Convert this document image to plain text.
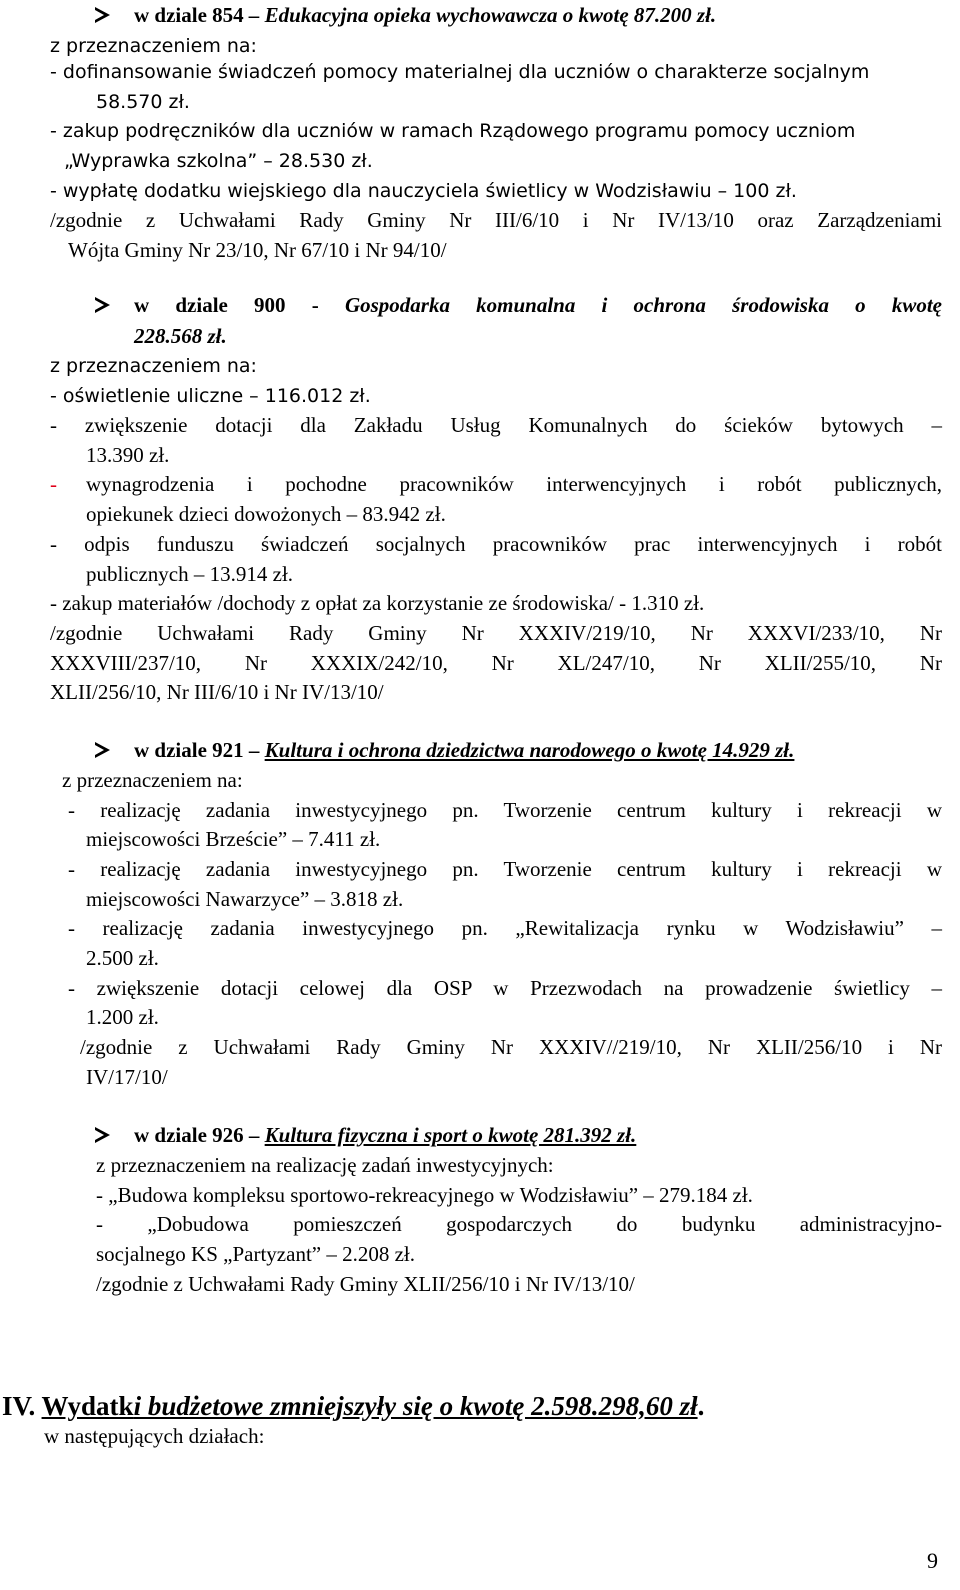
w dziale 854 – Edukacyjna opieka wychowawcza o kwotę 87.200 zł.
z przeznaczeniem na:
- dofinansowanie świadczeń pomocy materialnej dla uczniów o charakterze socjalnym
58.570 zł.
- zakup podręczników dla uczniów w ramach Rządowego programu pomocy uczniom
„Wyprawka szkolna” – 28.530 zł.
- wypłatę dodatku wiejskiego dla nauczyciela świetlicy w Wodzisławiu – 100 zł.
/zgodnie z Uchwałami Rady Gminy Nr III/6/10 i Nr IV/13/10 oraz Zarządzeniami
Wójta Gminy Nr 23/10, Nr 67/10 i Nr 94/10/
w dziale 900 - Gospodarka komunalna i ochrona środowiska o kwotę
228.568 zł.
z przeznaczeniem na:
- oświetlenie uliczne – 116.012 zł.
- zwiększenie dotacji dla Zakładu Usług Komunalnych do ścieków bytowych –
13.390 zł.
- wynagrodzenia i pochodne pracowników interwencyjnych i robót publicznych,
opiekunek dzieci dowożonych – 83.942 zł.
- odpis funduszu świadczeń socjalnych pracowników prac interwencyjnych i robót
publicznych – 13.914 zł.
- zakup materiałów /dochody z opłat za korzystanie ze środowiska/ - 1.310 zł.
/zgodnie Uchwałami Rady Gminy Nr XXXIV/219/10, Nr XXXVI/233/10, Nr
XXXVIII/237/10, Nr XXXIX/242/10, Nr XL/247/10, Nr XLII/255/10, Nr
XLII/256/10, Nr III/6/10 i Nr IV/13/10/
w dziale 921 – Kultura i ochrona dziedzictwa narodowego o kwotę 14.929 zł.
z przeznaczeniem na:
- realizację zadania inwestycyjnego pn. Tworzenie centrum kultury i rekreacji w
miejscowości Brzeście” – 7.411 zł.
- realizację zadania inwestycyjnego pn. Tworzenie centrum kultury i rekreacji w
miejscowości Nawarzyce” – 3.818 zł.
- realizację zadania inwestycyjnego pn. „Rewitalizacja rynku w Wodzisławiu” –
2.500 zł.
- zwiększenie dotacji celowej dla OSP w Przezwodach na prowadzenie świetlicy –
1.200 zł.
/zgodnie z Uchwałami Rady Gminy Nr XXXIV//219/10, Nr XLII/256/10 i Nr
IV/17/10/
w dziale 926 – Kultura fizyczna i sport o kwotę 281.392 zł.
z przeznaczeniem na realizację zadań inwestycyjnych:
- „Budowa kompleksu sportowo-rekreacyjnego w Wodzisławiu” – 279.184 zł.
- „Dobudowa pomieszczeń gospodarczych do budynku administracyjno-
socjalnego KS „Partyzant” – 2.208 zł.
/zgodnie z Uchwałami Rady Gminy XLII/256/10 i Nr IV/13/10/
IV. Wydatki budżetowe zmniejszyły się o kwotę 2.598.298,60 zł.
w następujących działach:
9
